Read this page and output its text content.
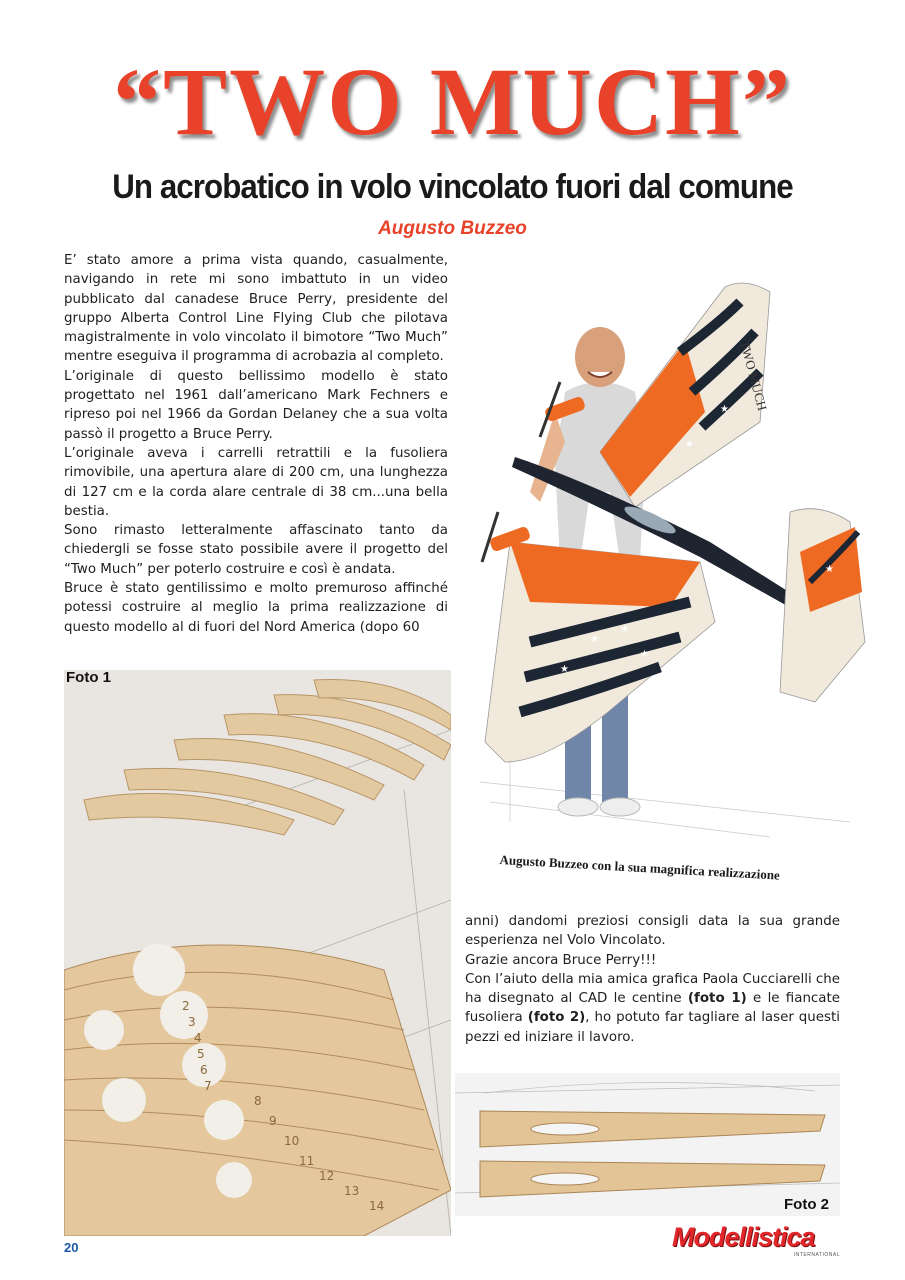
“TWO MUCH”
Un acrobatico in volo vincolato fuori dal comune
Augusto Buzzeo

E’ stato amore a prima vista quando, casualmente, navigando in rete mi sono imbattuto in un video pubblicato dal canadese Bruce Perry, presidente del gruppo Alberta Control Line Flying Club che pilotava magistralmente in volo vincolato il bimotore “Two Much” mentre eseguiva il programma di acrobazia al completo.

L’originale di questo bellissimo modello è stato progettato nel 1961 dall’americano Mark Fechners e ripreso poi nel 1966 da Gordan Delaney che a sua volta passò il progetto a Bruce Perry.

L’originale aveva i carrelli retrattili e la fusoliera rimovibile, una apertura alare di 200 cm, una lunghezza di 127 cm e la corda alare centrale di 38 cm...una bella bestia.

Sono rimasto letteralmente affascinato tanto da chiedergli se fosse stato possibile avere il progetto del “Two Much” per poterlo costruire e così è andata.

Bruce è stato gentilissimo e molto premuroso affinché potessi costruire al meglio la prima realizzazione di questo modello al di fuori del Nord America (dopo 60

TWO MUCH
★
★
★
★
★
★
★
★
★
Augusto Buzzeo con la sua magnifica realizzazione
2
3
4
5
6
7
8
9
10
11
12
13
14
Foto 1

anni) dandomi preziosi consigli data la sua grande esperienza nel Volo Vincolato.

Grazie ancora Bruce Perry!!!

Con l’aiuto della mia amica grafica Paola Cucciarelli che ha disegnato al CAD le centine (foto 1) e le fiancate fusoliera (foto 2), ho potuto far tagliare al laser questi pezzi ed iniziare il lavoro.

Foto 2
20	Modellistica
INTERNATIONAL
